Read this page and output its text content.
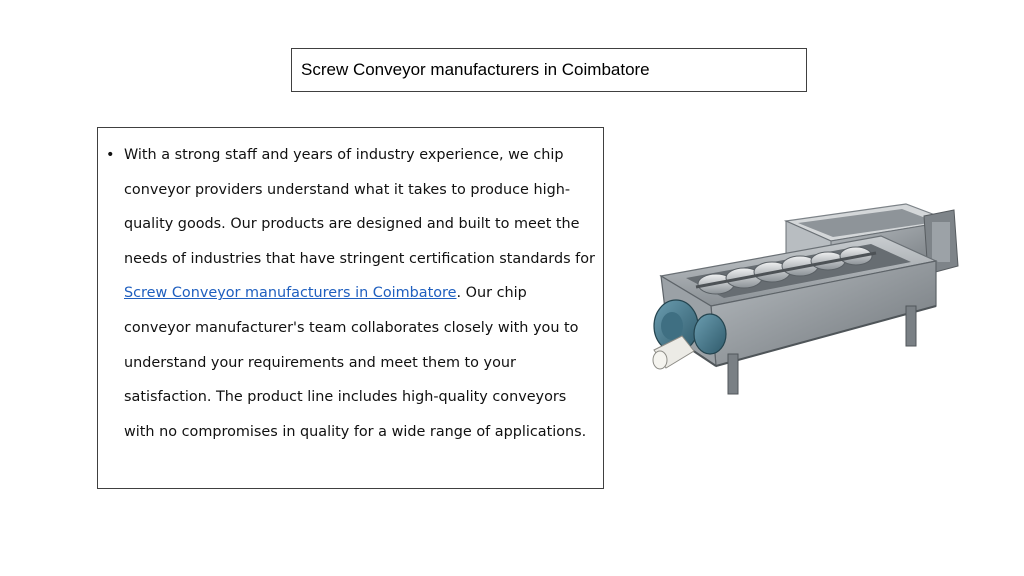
Screw Conveyor manufacturers in Coimbatore

• With a strong staff and years of industry experience, we chip conveyor providers understand what it takes to produce high-quality goods. Our products are designed and built to meet the needs of industries that have stringent certification standards for Screw Conveyor manufacturers in Coimbatore. Our chip conveyor manufacturer's team collaborates closely with you to understand your requirements and meet them to your satisfaction. The product line includes high-quality conveyors with no compromises in quality for a wide range of applications.
